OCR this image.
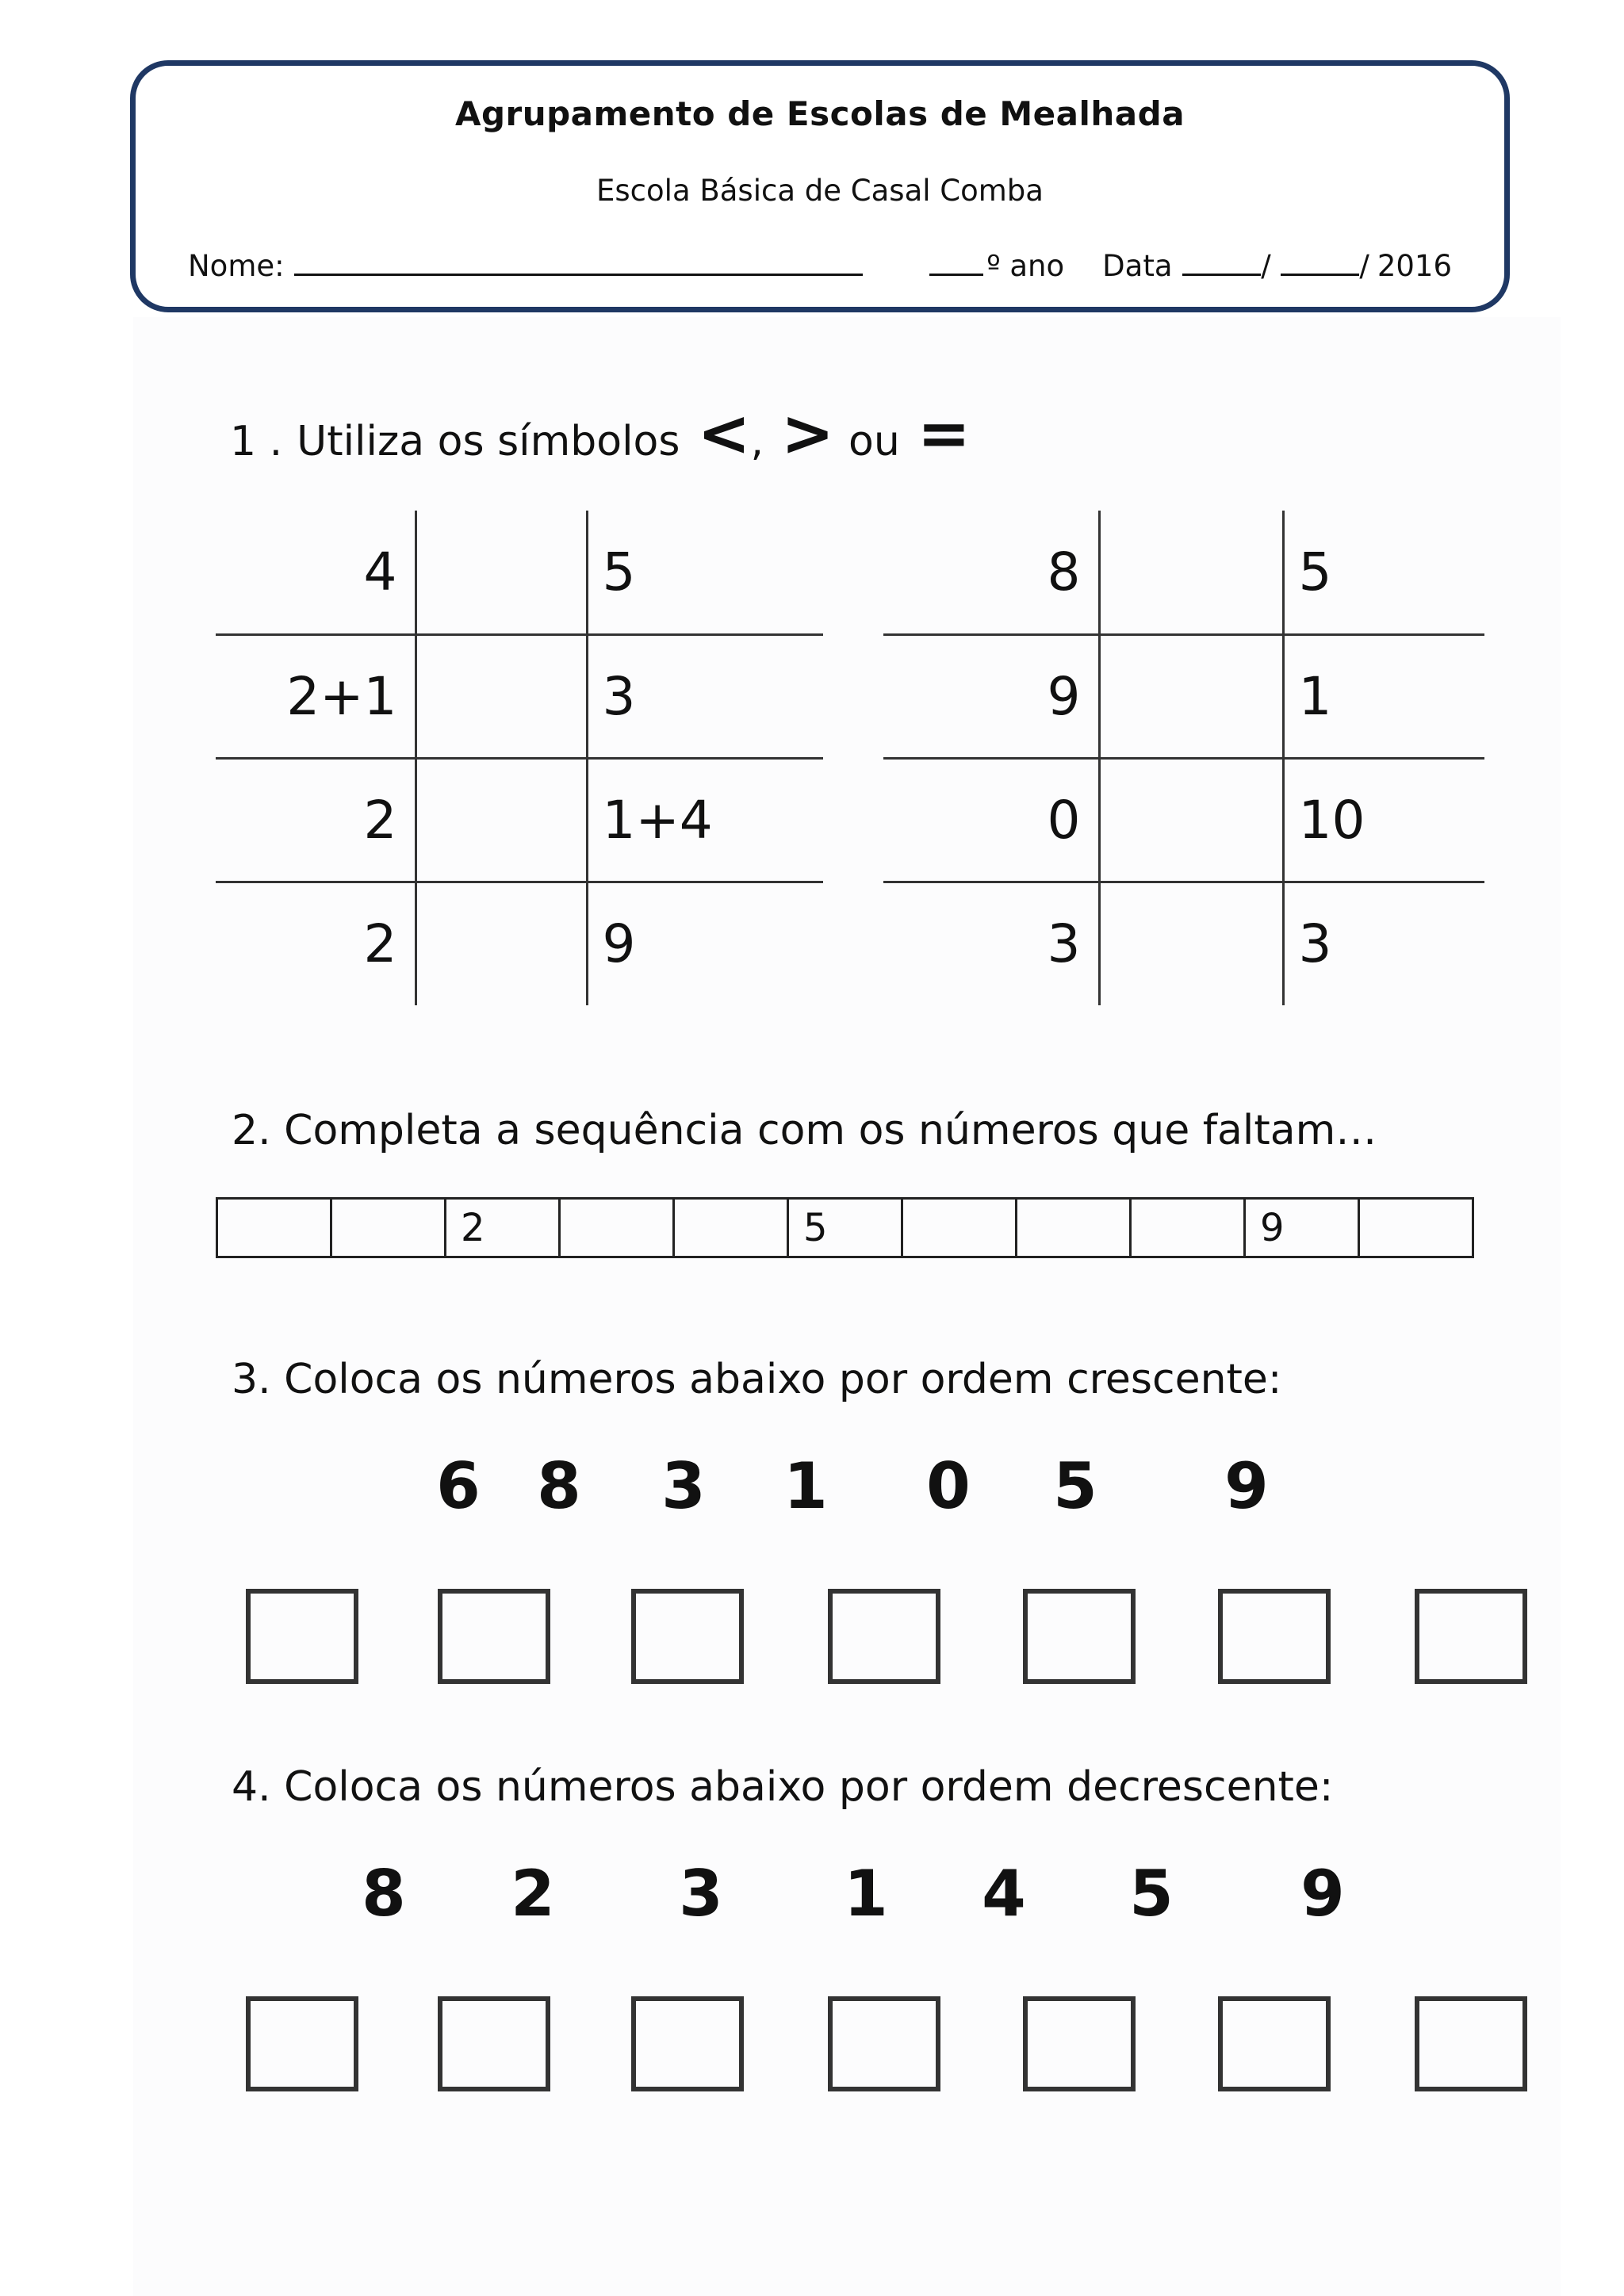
Agrupamento de Escolas de Mealhada
Escola Básica de Casal Comba
Nome:	º ano Data	/	/ 2016
1 . Utiliza os símbolos < , > ou =
4		5
2+1		3
2		1+4
2		9
8		5
9		1
0		10
3		3
2. Completa a sequência com os números que faltam…
		2			5				9	
3. Coloca os números abaixo por ordem crescente:
6 8 3 1 0 5 9
4. Coloca os números abaixo por ordem decrescente:
8 2 3 1 4 5 9
